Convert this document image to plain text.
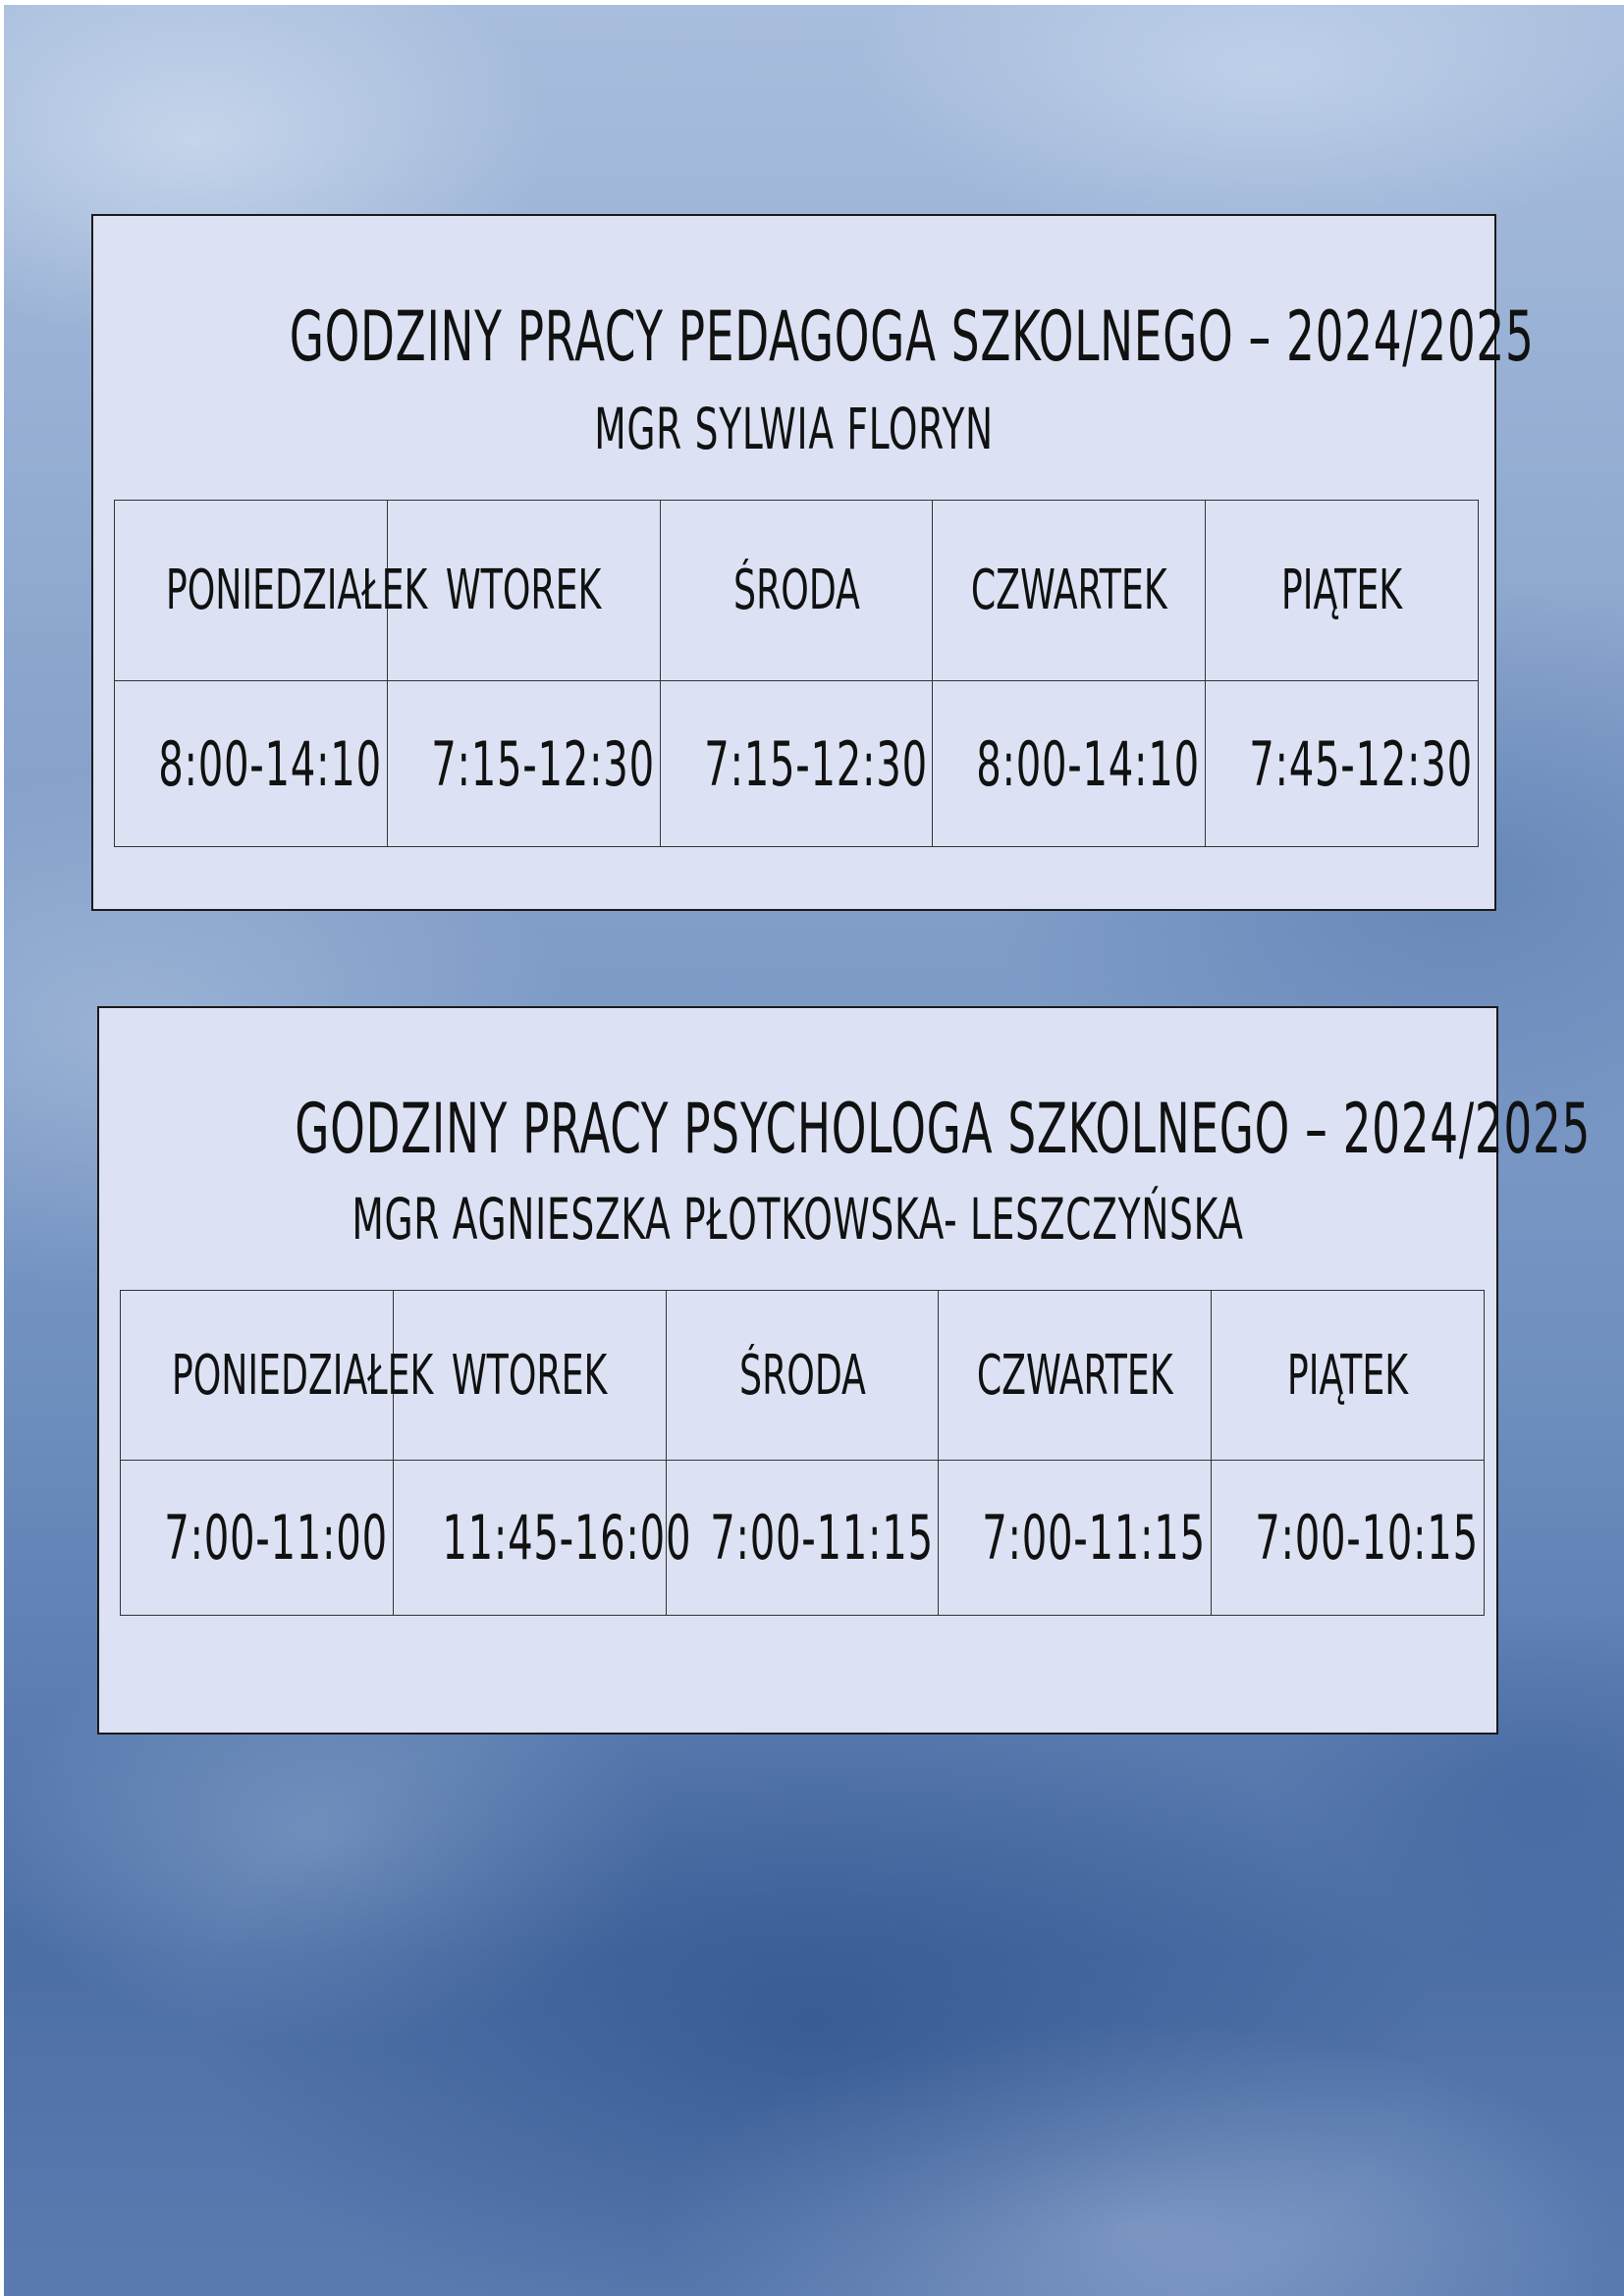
GODZINY PRACY PEDAGOGA SZKOLNEGO – 2024/2025
MGR SYLWIA FLORYN
PONIEDZIAŁEK	WTOREK	ŚRODA	CZWARTEK	PIĄTEK
8:00-14:10	7:15-12:30	7:15-12:30	8:00-14:10	7:45-12:30
GODZINY PRACY PSYCHOLOGA SZKOLNEGO – 2024/2025
MGR AGNIESZKA PŁOTKOWSKA- LESZCZYŃSKA
PONIEDZIAŁEK	WTOREK	ŚRODA	CZWARTEK	PIĄTEK
7:00-11:00	11:45-16:00	7:00-11:15	7:00-11:15	7:00-10:15
